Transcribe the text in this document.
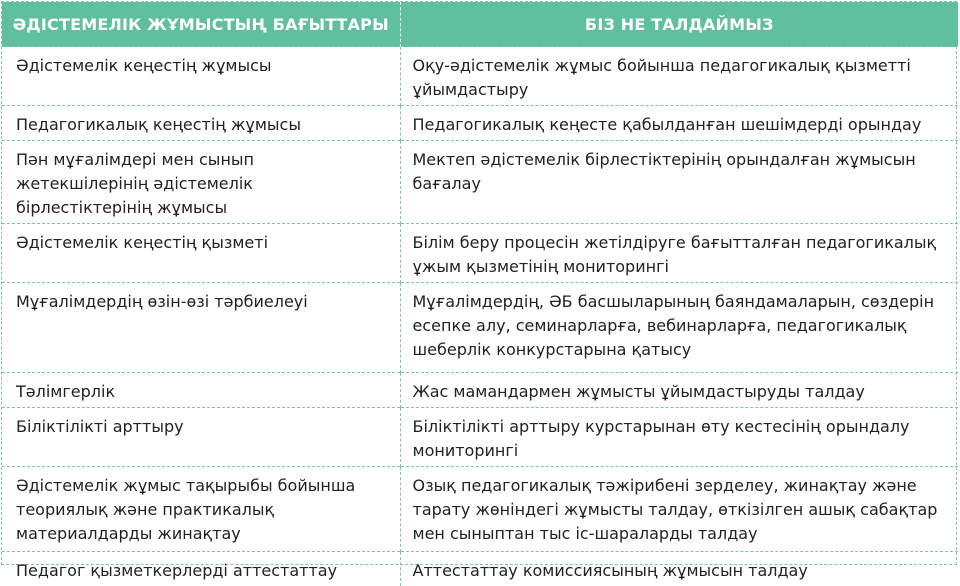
ӘДІСТЕМЕЛІК ЖҰМЫСТЫҢ БАҒЫТТАРЫ	БІЗ НЕ ТАЛДАЙМЫЗ
Әдістемелік кеңестің жұмысы	Оқу-әдістемелік жұмыс бойынша педагогикалық қызметті ұйымдастыру
Педагогикалық кеңестің жұмысы	Педагогикалық кеңесте қабылданған шешімдерді орындау
Пән мұғалімдері мен сынып жетекшілерінің әдістемелік бірлестіктерінің жұмысы	Мектеп әдістемелік бірлестіктерінің орындалған жұмысын бағалау
Әдістемелік кеңестің қызметі	Білім беру процесін жетілдіруге бағытталған педагогикалық ұжым қызметінің мониторингі
Мұғалімдердің өзін-өзі тәрбиелеуі	Мұғалімдердің, ӘБ басшыларының баяндамаларын, сөздерін есепке алу, семинарларға, вебинарларға, педагогикалық шеберлік конкурстарына қатысу
Тәлімгерлік	Жас мамандармен жұмысты ұйымдастыруды талдау
Біліктілікті арттыру	Біліктілікті арттыру курстарынан өту кестесінің орындалу мониторингі
Әдістемелік жұмыс тақырыбы бойынша теориялық және практикалық материалдарды жинақтау	Озық педагогикалық тәжірибені зерделеу, жинақтау және тарату жөніндегі жұмысты талдау, өткізілген ашық сабақтар мен сыныптан тыс іс-шараларды талдау
Педагог қызметкерлерді аттестаттау	Аттестаттау комиссиясының жұмысын талдау
